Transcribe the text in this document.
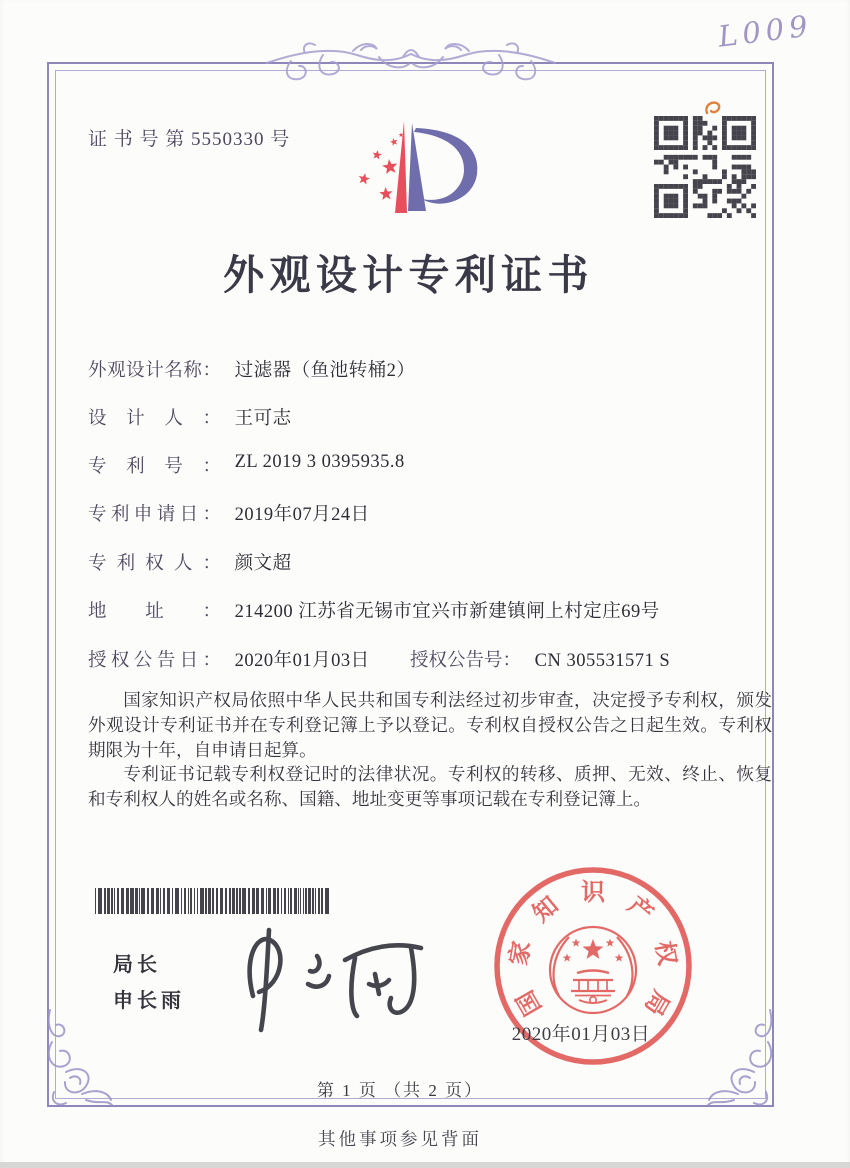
L009
证 书 号 第 5550330 号
外观设计专利证书
外观设计名称： 过滤器（鱼池转桶2）
设计人： 王可志
专利号： ZL 2019 3 0395935.8
专利申请日： 2019年07月24日
专利权人： 颜文超
地址： 214200 江苏省无锡市宜兴市新建镇闸上村定庄69号
授权公告日： 2020年01月03日 授权公告号： CN 305531571 S

国家知识产权局依照中华人民共和国专利法经过初步审查，决定授予专利权，颁发外观设计专利证书并在专利登记簿上予以登记。专利权自授权公告之日起生效。专利权期限为十年，自申请日起算。

专利证书记载专利权登记时的法律状况。专利权的转移、质押、无效、终止、恢复和专利权人的姓名或名称、国籍、地址变更等事项记载在专利登记簿上。

局长
申长雨	国
家
知 识 产
权
局
2020年01月03日
第 1 页 （共 2 页）
其他事项参见背面
